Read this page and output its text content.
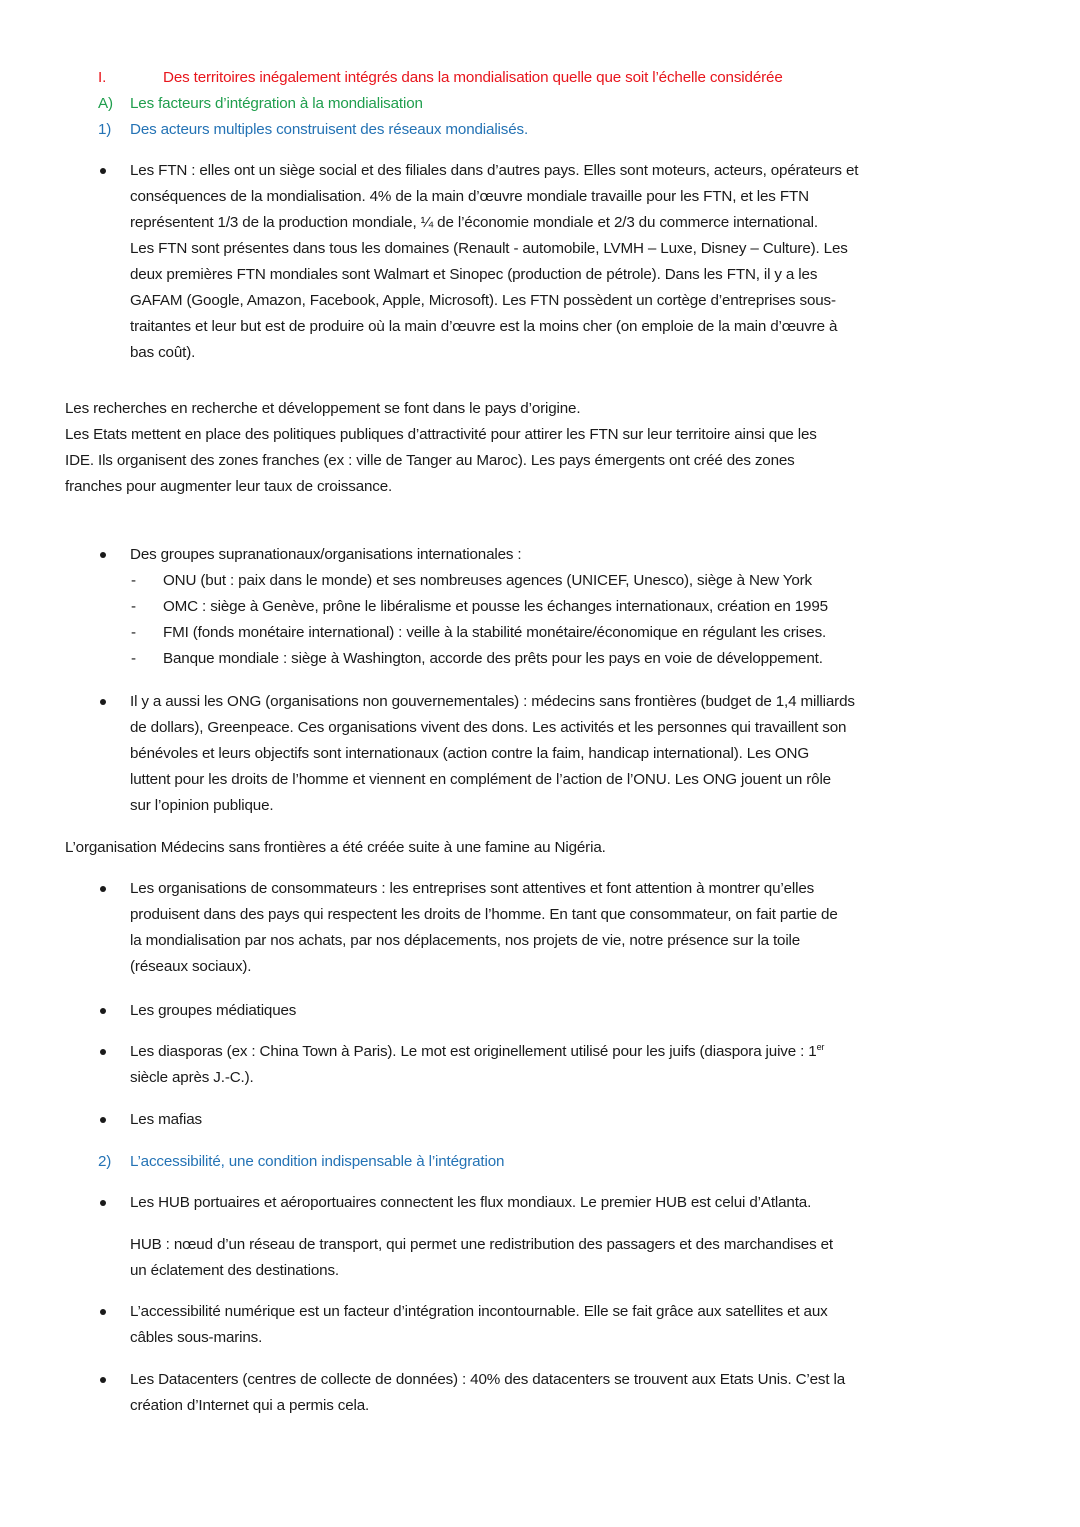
I.	Des territoires inégalement intégrés dans la mondialisation quelle que soit l’échelle considérée
A) Les facteurs d’intégration à la mondialisation
1) Des acteurs multiples construisent des réseaux mondialisés.
Les FTN : elles ont un siège social et des filiales dans d’autres pays. Elles sont moteurs, acteurs, opérateurs et
conséquences de la mondialisation. 4% de la main d’œuvre mondiale travaille pour les FTN, et les FTN
représentent 1/3 de la production mondiale, ¼ de l’économie mondiale et 2/3 du commerce international.
Les FTN sont présentes dans tous les domaines (Renault - automobile, LVMH – Luxe, Disney – Culture). Les
deux premières FTN mondiales sont Walmart et Sinopec (production de pétrole). Dans les FTN, il y a les
GAFAM (Google, Amazon, Facebook, Apple, Microsoft). Les FTN possèdent un cortège d’entreprises sous-
traitantes et leur but est de produire où la main d’œuvre est la moins cher (on emploie de la main d’œuvre à
bas coût).
Les recherches en recherche et développement se font dans le pays d’origine.
Les Etats mettent en place des politiques publiques d’attractivité pour attirer les FTN sur leur territoire ainsi que les
IDE. Ils organisent des zones franches (ex : ville de Tanger au Maroc). Les pays émergents ont créé des zones
franches pour augmenter leur taux de croissance.
Des groupes supranationaux/organisations internationales :
- ONU (but : paix dans le monde) et ses nombreuses agences (UNICEF, Unesco), siège à New York
- OMC : siège à Genève, prône le libéralisme et pousse les échanges internationaux, création en 1995
- FMI (fonds monétaire international) : veille à la stabilité monétaire/économique en régulant les crises.
- Banque mondiale : siège à Washington, accorde des prêts pour les pays en voie de développement.
Il y a aussi les ONG (organisations non gouvernementales) : médecins sans frontières (budget de 1,4 milliards
de dollars), Greenpeace. Ces organisations vivent des dons. Les activités et les personnes qui travaillent son
bénévoles et leurs objectifs sont internationaux (action contre la faim, handicap international). Les ONG
luttent pour les droits de l’homme et viennent en complément de l’action de l’ONU. Les ONG jouent un rôle
sur l’opinion publique.
L’organisation Médecins sans frontières a été créée suite à une famine au Nigéria.
Les organisations de consommateurs : les entreprises sont attentives et font attention à montrer qu’elles
produisent dans des pays qui respectent les droits de l’homme. En tant que consommateur, on fait partie de
la mondialisation par nos achats, par nos déplacements, nos projets de vie, notre présence sur la toile
(réseaux sociaux).
Les groupes médiatiques
Les diasporas (ex : China Town à Paris). Le mot est originellement utilisé pour les juifs (diaspora juive : 1er
siècle après J.-C.).
Les mafias
2) L’accessibilité, une condition indispensable à l’intégration
Les HUB portuaires et aéroportuaires connectent les flux mondiaux. Le premier HUB est celui d’Atlanta.
HUB : nœud d’un réseau de transport, qui permet une redistribution des passagers et des marchandises et
un éclatement des destinations.
L’accessibilité numérique est un facteur d’intégration incontournable. Elle se fait grâce aux satellites et aux
câbles sous-marins.
Les Datacenters (centres de collecte de données) : 40% des datacenters se trouvent aux Etats Unis. C’est la
création d’Internet qui a permis cela.
